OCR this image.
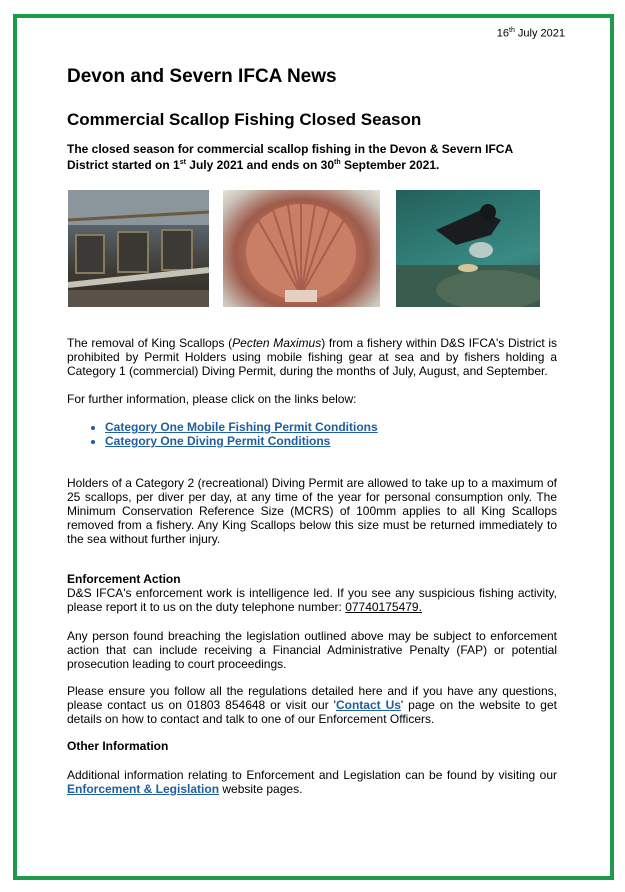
16th July 2021
Devon and Severn IFCA News
Commercial Scallop Fishing Closed Season
The closed season for commercial scallop fishing in the Devon & Severn IFCA District started on 1st July 2021 and ends on 30th September 2021.
The removal of King Scallops (Pecten Maximus) from a fishery within D&S IFCA's District is prohibited by Permit Holders using mobile fishing gear at sea and by fishers holding a Category 1 (commercial) Diving Permit, during the months of July, August, and September.
For further information, please click on the links below:
• Category One Mobile Fishing Permit Conditions
• Category One Diving Permit Conditions
Holders of a Category 2 (recreational) Diving Permit are allowed to take up to a maximum of 25 scallops, per diver per day, at any time of the year for personal consumption only. The Minimum Conservation Reference Size (MCRS) of 100mm applies to all King Scallops removed from a fishery. Any King Scallops below this size must be returned immediately to the sea without further injury.
Enforcement Action
D&S IFCA's enforcement work is intelligence led. If you see any suspicious fishing activity, please report it to us on the duty telephone number: 07740175479.
Any person found breaching the legislation outlined above may be subject to enforcement action that can include receiving a Financial Administrative Penalty (FAP) or potential prosecution leading to court proceedings.
Please ensure you follow all the regulations detailed here and if you have any questions, please contact us on 01803 854648 or visit our 'Contact Us' page on the website to get details on how to contact and talk to one of our Enforcement Officers.
Other Information
Additional information relating to Enforcement and Legislation can be found by visiting our Enforcement & Legislation website pages.
